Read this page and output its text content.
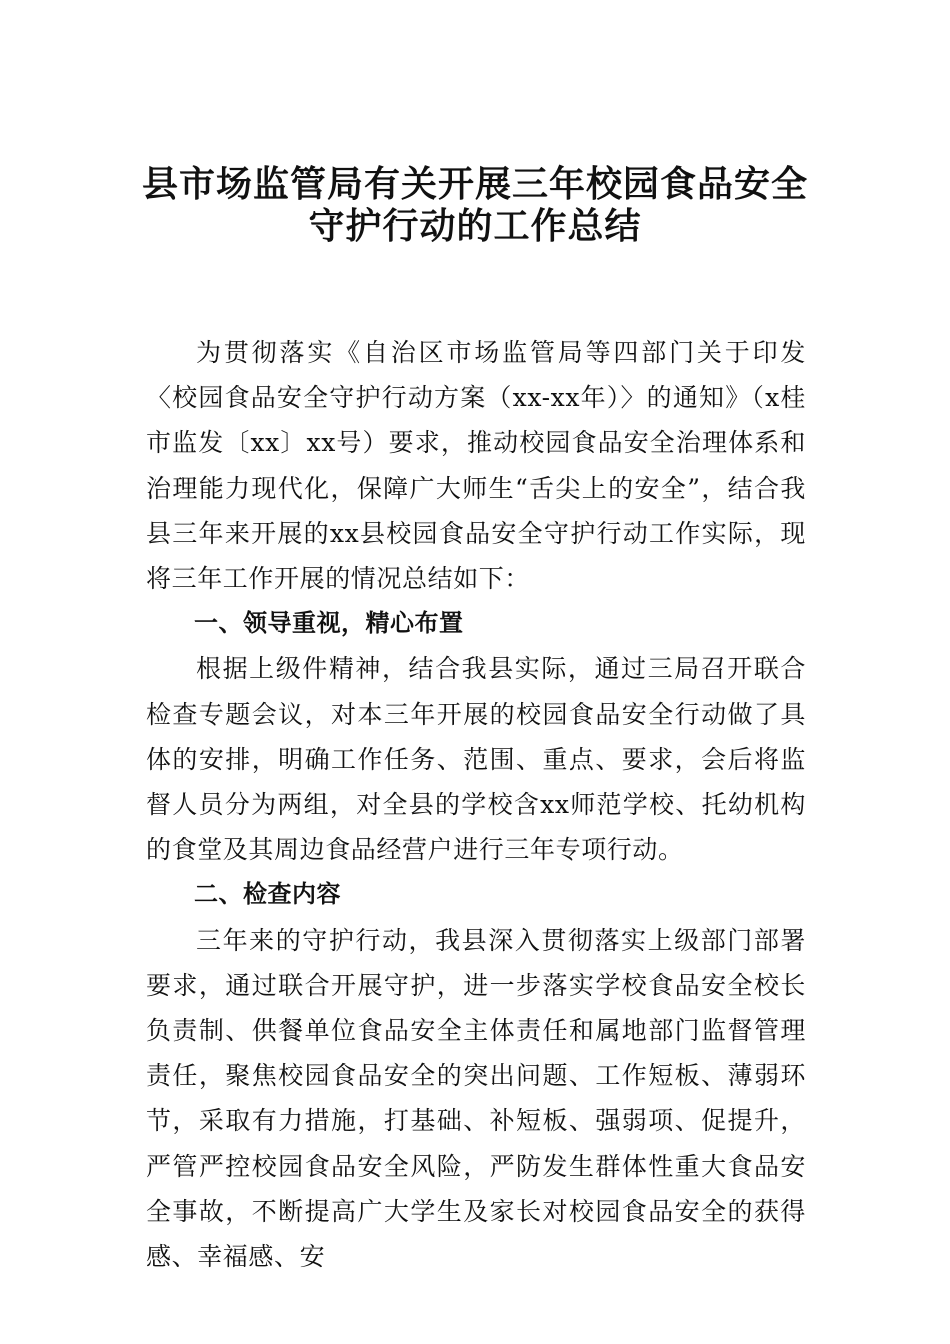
县市场监管局有关开展三年校园食品安全
守护行动的工作总结

为贯彻落实《自治区市场监管局等四部门关于印发〈校园食品安全守护行动方案（xx-xx年）〉的通知》（x桂市监发〔xx〕xx号）要求，推动校园食品安全治理体系和治理能力现代化，保障广大师生“舌尖上的安全”，结合我县三年来开展的xx县校园食品安全守护行动工作实际，现将三年工作开展的情况总结如下：

一、领导重视，精心布置

根据上级件精神，结合我县实际，通过三局召开联合检查专题会议，对本三年开展的校园食品安全行动做了具体的安排，明确工作任务、范围、重点、要求，会后将监督人员分为两组，对全县的学校含xx师范学校、托幼机构的食堂及其周边食品经营户进行三年专项行动。

二、检查内容

三年来的守护行动，我县深入贯彻落实上级部门部署要求，通过联合开展守护，进一步落实学校食品安全校长负责制、供餐单位食品安全主体责任和属地部门监督管理责任，聚焦校园食品安全的突出问题、工作短板、薄弱环节，采取有力措施，打基础、补短板、强弱项、促提升，严管严控校园食品安全风险，严防发生群体性重大食品安全事故，不断提高广大学生及家长对校园食品安全的获得感、幸福感、安
